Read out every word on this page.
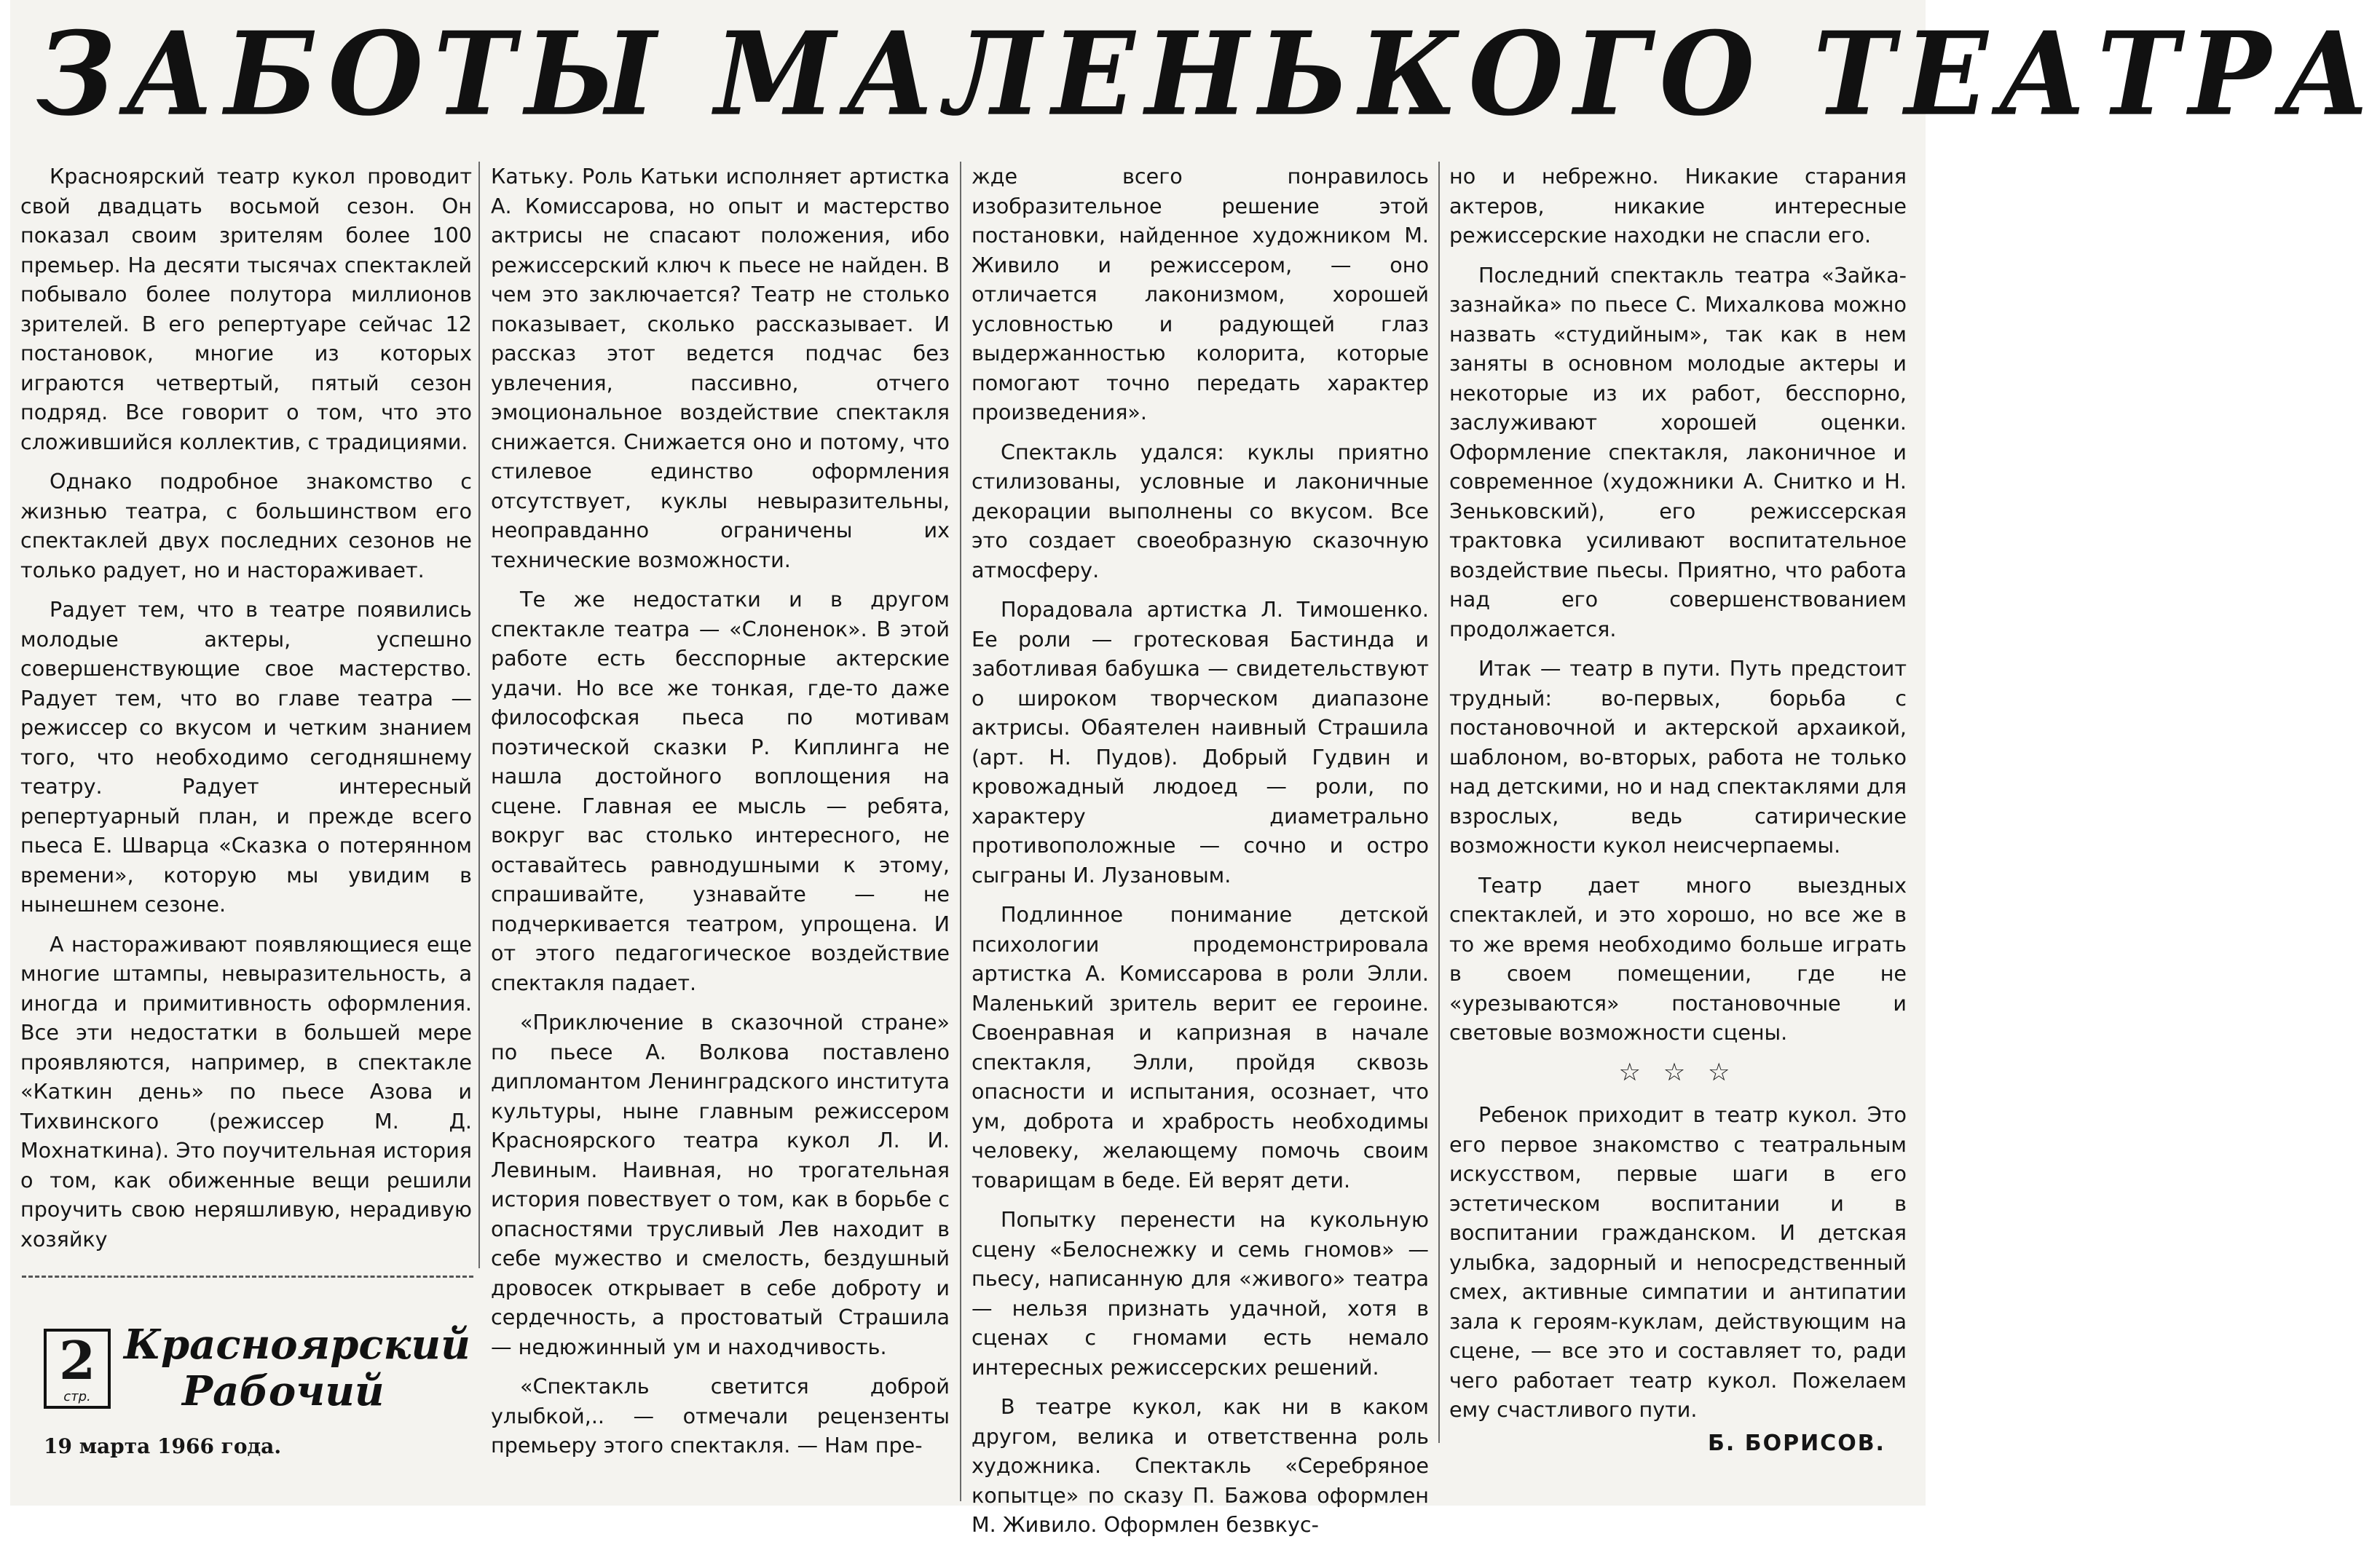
ЗАБОТЫ МАЛЕНЬКОГО ТЕАТРА

Красноярский театр кукол проводит свой двадцать восьмой сезон. Он показал своим зрителям более 100 премьер. На десяти тысячах спектаклей побывало более полутора миллионов зрителей. В его репертуаре сейчас 12 постановок, многие из которых играются четвертый, пятый сезон подряд. Все говорит о том, что это сложившийся коллектив, с традициями.

Однако подробное знакомство с жизнью театра, с большинством его спектаклей двух последних сезонов не только радует, но и настораживает.

Радует тем, что в театре появились молодые актеры, успешно совершенствующие свое мастерство. Радует тем, что во главе театра — режиссер со вкусом и четким знанием того, что необходимо сегодняшнему театру. Радует интересный репертуарный план, и прежде всего пьеса Е. Шварца «Сказка о потерянном времени», которую мы увидим в нынешнем сезоне.

А настораживают появляющиеся еще многие штампы, невыразительность, а иногда и примитивность оформления. Все эти недостатки в большей мере проявляются, например, в спектакле «Каткин день» по пьесе Азова и Тихвинского (режиссер М. Д. Мохнаткина). Это поучительная история о том, как обиженные вещи решили проучить свою неряшливую, нерадивую хозяйку

Катьку. Роль Катьки исполняет артистка А. Комиссарова, но опыт и мастерство актрисы не спасают положения, ибо режиссерский ключ к пьесе не найден. В чем это заключается? Театр не столько показывает, сколько рассказывает. И рассказ этот ведется подчас без увлечения, пассивно, отчего эмоциональное воздействие спектакля снижается. Снижается оно и потому, что стилевое единство оформления отсутствует, куклы невыразительны, неоправданно ограничены их технические возможности.

Те же недостатки и в другом спектакле театра — «Слоненок». В этой работе есть бесспорные актерские удачи. Но все же тонкая, где-то даже философская пьеса по мотивам поэтической сказки Р. Киплинга не нашла достойного воплощения на сцене. Главная ее мысль — ребята, вокруг вас столько интересного, не оставайтесь равнодушными к этому, спрашивайте, узнавайте — не подчеркивается театром, упрощена. И от этого педагогическое воздействие спектакля падает.

«Приключение в сказочной стране» по пьесе А. Волкова поставлено дипломантом Ленинградского института культуры, ныне главным режиссером Красноярского театра кукол Л. И. Левиным. Наивная, но трогательная история повествует о том, как в борьбе с опасностями трусливый Лев находит в себе мужество и смелость, бездушный дровосек открывает в себе доброту и сердечность, а простоватый Страшила — недюжинный ум и находчивость.

«Спектакль светится доброй улыбкой,.. — отмечали рецензенты премьеру этого спектакля. — Нам пре-

жде всего понравилось изобразительное решение этой постановки, найденное художником М. Живило и режиссером, — оно отличается лаконизмом, хорошей условностью и радующей глаз выдержанностью колорита, которые помогают точно передать характер произведения».

Спектакль удался: куклы приятно стилизованы, условные и лаконичные декорации выполнены со вкусом. Все это создает своеобразную сказочную атмосферу.

Порадовала артистка Л. Тимошенко. Ее роли — гротесковая Бастинда и заботливая бабушка — свидетельствуют о широком творческом диапазоне актрисы. Обаятелен наивный Страшила (арт. Н. Пудов). Добрый Гудвин и кровожадный людоед — роли, по характеру диаметрально противоположные — сочно и остро сыграны И. Лузановым.

Подлинное понимание детской психологии продемонстрировала артистка А. Комиссарова в роли Элли. Маленький зритель верит ее героине. Своенравная и капризная в начале спектакля, Элли, пройдя сквозь опасности и испытания, осознает, что ум, доброта и храбрость необходимы человеку, желающему помочь своим товарищам в беде. Ей верят дети.

Попытку перенести на кукольную сцену «Белоснежку и семь гномов» — пьесу, написанную для «живого» театра — нельзя признать удачной, хотя в сценах с гномами есть немало интересных режиссерских решений.

В театре кукол, как ни в каком другом, велика и ответственна роль художника. Спектакль «Серебряное копытце» по сказу П. Бажова оформлен М. Живило. Оформлен безвкус-

но и небрежно. Никакие старания актеров, никакие интересные режиссерские находки не спасли его.

Последний спектакль театра «Зайка-зазнайка» по пьесе С. Михалкова можно назвать «студийным», так как в нем заняты в основном молодые актеры и некоторые из их работ, бесспорно, заслуживают хорошей оценки. Оформление спектакля, лаконичное и современное (художники А. Снитко и Н. Зеньковский), его режиссерская трактовка усиливают воспитательное воздействие пьесы. Приятно, что работа над его совершенствованием продолжается.

Итак — театр в пути. Путь предстоит трудный: во-первых, борьба с постановочной и актерской архаикой, шаблоном, во-вторых, работа не только над детскими, но и над спектаклями для взрослых, ведь сатирические возможности кукол неисчерпаемы.

Театр дает много выездных спектаклей, и это хорошо, но все же в то же время необходимо больше играть в своем помещении, где не «урезываются» постановочные и световые возможности сцены.

☆ ☆ ☆

Ребенок приходит в театр кукол. Это его первое знакомство с театральным искусством, первые шаги в его эстетическом воспитании и в воспитании гражданском. И детская улыбка, задорный и непосредственный смех, активные симпатии и антипатии зала к героям-куклам, действующим на сцене, — все это и составляет то, ради чего работает театр кукол. Пожелаем ему счастливого пути.

Б. БОРИСОВ.
2
стр.
Красноярский
Рабочий
19 марта 1966 года.
